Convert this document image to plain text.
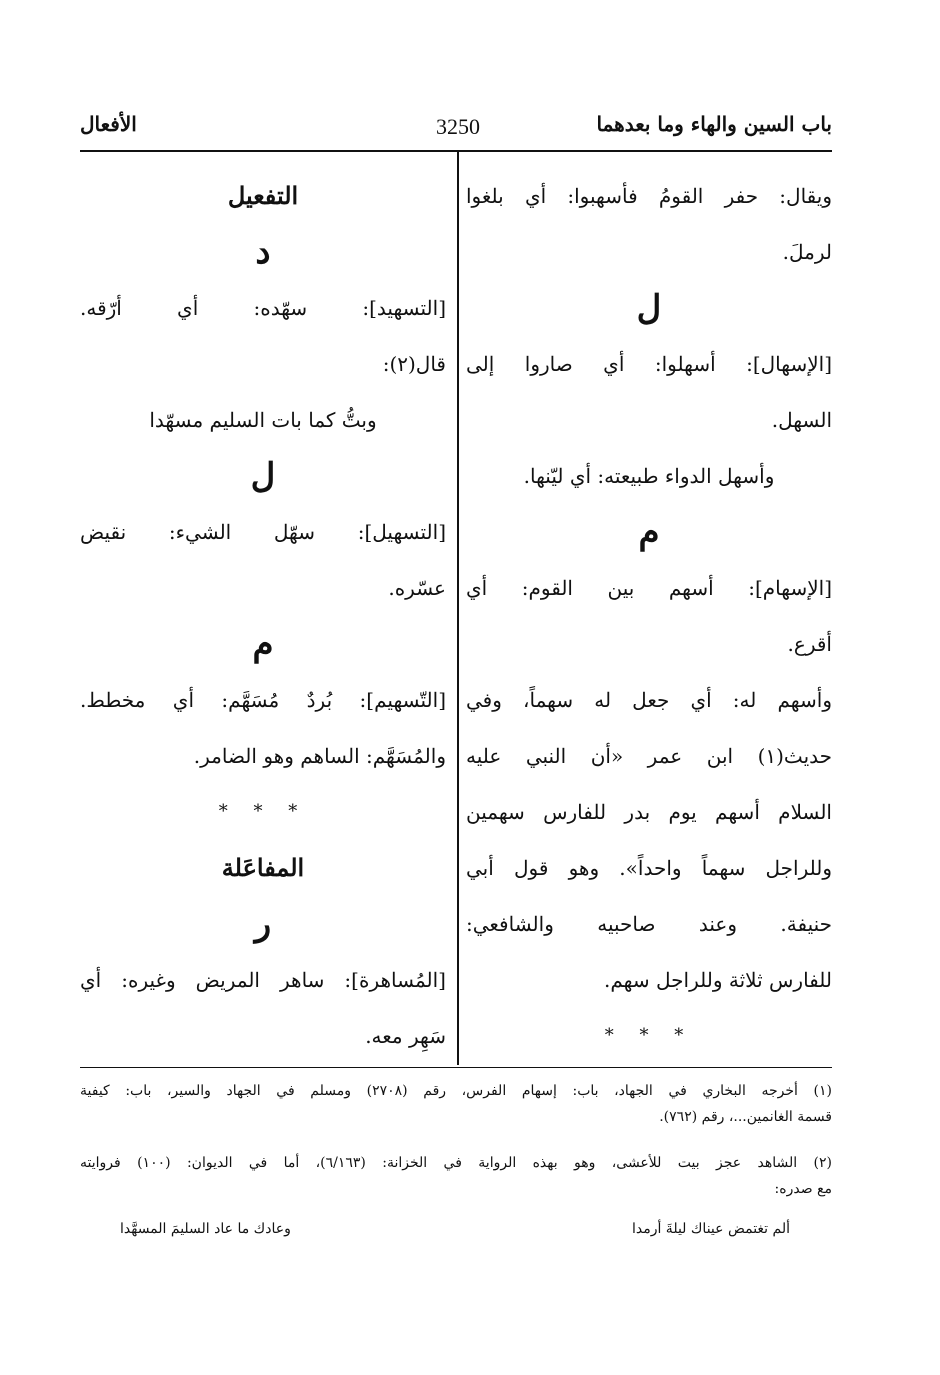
باب السين والهاء وما بعدهما
3250
الأفعال
ويقال: حفر القومُ فأسهبوا: أي بلغوا
لرملَ.
ل
[الإسهال]: أسهلوا: أي صاروا إلى
السهل.
وأسهل الدواء طبيعته: أي ليّنها.
م
[الإسهام]: أسهم بين القوم: أي
أقرع.
وأسهم له: أي جعل له سهماً، وفي
حديث(١) ابن عمر «أن النبي عليه
السلام أسهم يوم بدر للفارس سهمين
وللراجل سهماً واحداً». وهو قول أبي
حنيفة. وعند صاحبيه والشافعي:
للفارس ثلاثة وللراجل سهم.
* * *
التفعيل
د
[التسهيد]: سهّده: أي أرّقه.
قال(٢):
وبتُّ كما بات السليم مسهّدا
ل
[التسهيل]: سهّل الشيء: نقيض
عسّره.
م
[التّسهيم]: بُردٌ مُسَهَّم: أي مخطط.
والمُسَهَّم: الساهم وهو الضامر.
* * *
المفاعَلة
ر
[المُساهرة]: ساهر المريض وغيره: أي
سَهِر معه.
(١) أخرجه البخاري في الجهاد، باب: إسهام الفرس، رقم (٢٧٠٨) ومسلم في الجهاد والسير، باب: كيفية
قسمة الغانمين...، رقم (٧٦٢).
(٢) الشاهد عجز بيت للأعشى، وهو بهذه الرواية في الخزانة: (٦/١٦٣)، أما في الديوان: (١٠٠) فروايته
مع صدره:
ألم تغتمض عيناك ليلةَ أرمدا
وعادك ما عاد السليمَ المسهَّدا
